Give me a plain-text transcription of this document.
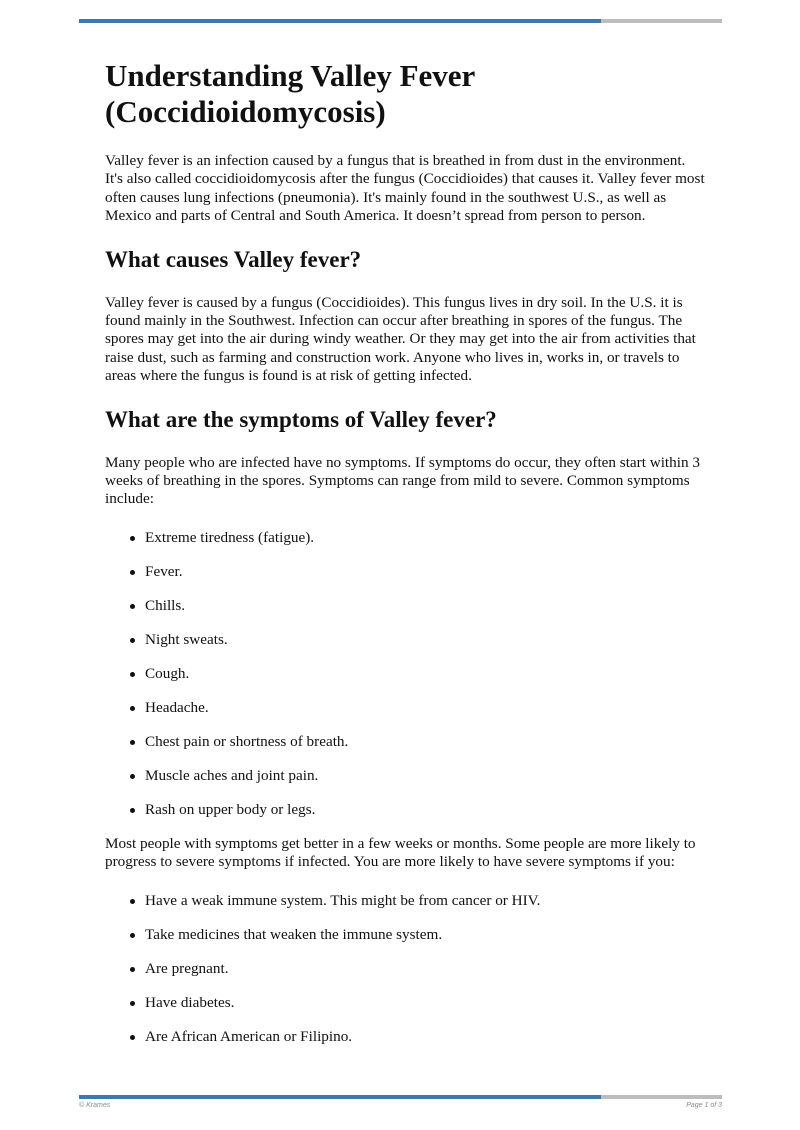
Understanding Valley Fever (Coccidioidomycosis)

Valley fever is an infection caused by a fungus that is breathed in from dust in the environment. It's also called coccidioidomycosis after the fungus (Coccidioides) that causes it. Valley fever most often causes lung infections (pneumonia). It's mainly found in the southwest U.S., as well as Mexico and parts of Central and South America. It doesn’t spread from person to person.

What causes Valley fever?

Valley fever is caused by a fungus (Coccidioides). This fungus lives in dry soil. In the U.S. it is found mainly in the Southwest. Infection can occur after breathing in spores of the fungus. The spores may get into the air during windy weather. Or they may get into the air from activities that raise dust, such as farming and construction work. Anyone who lives in, works in, or travels to areas where the fungus is found is at risk of getting infected.

What are the symptoms of Valley fever?

Many people who are infected have no symptoms. If symptoms do occur, they often start within 3 weeks of breathing in the spores. Symptoms can range from mild to severe. Common symptoms include:

Extreme tiredness (fatigue).
Fever.
Chills.
Night sweats.
Cough.
Headache.
Chest pain or shortness of breath.
Muscle aches and joint pain.
Rash on upper body or legs.

Most people with symptoms get better in a few weeks or months. Some people are more likely to progress to severe symptoms if infected. You are more likely to have severe symptoms if you:

Have a weak immune system. This might be from cancer or HIV.
Take medicines that weaken the immune system.
Are pregnant.
Have diabetes.
Are African American or Filipino.
© Krames	Page 1 of 3
